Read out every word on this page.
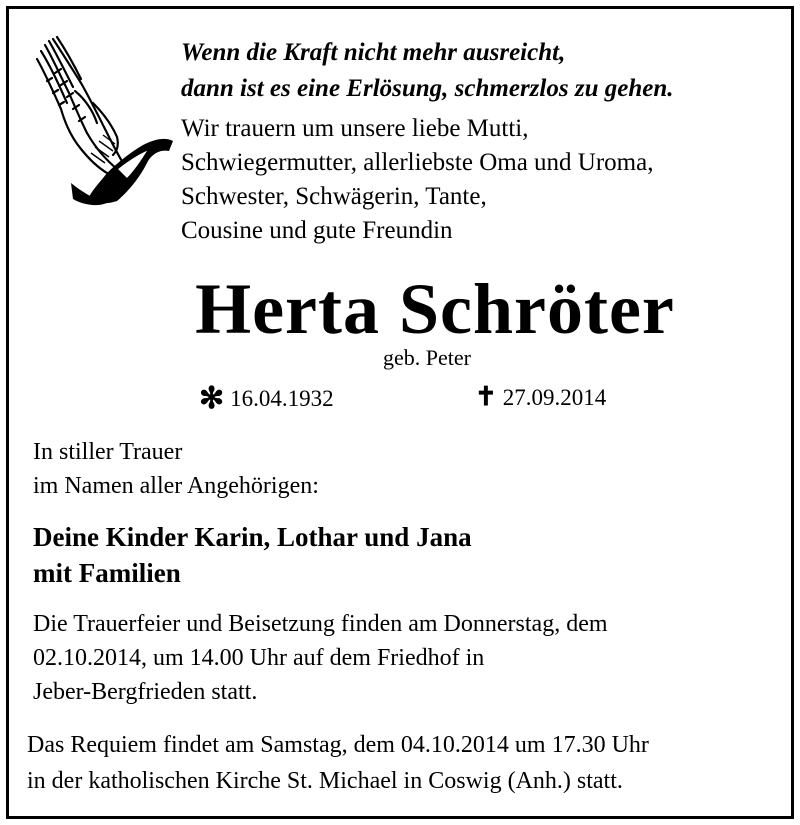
Wenn die Kraft nicht mehr ausreicht,
dann ist es eine Erlösung, schmerzlos zu gehen.
Wir trauern um unsere liebe Mutti,
Schwiegermutter, allerliebste Oma und Uroma,
Schwester, Schwägerin, Tante,
Cousine und gute Freundin
Herta Schröter
geb. Peter
✻ 16.04.1932	✝ 27.09.2014
In stiller Trauer
im Namen aller Angehörigen:
Deine Kinder Karin, Lothar und Jana
mit Familien
Die Trauerfeier und Beisetzung finden am Donnerstag, dem
02.10.2014, um 14.00 Uhr auf dem Friedhof in
Jeber-Bergfrieden statt.
Das Requiem findet am Samstag, dem 04.10.2014 um 17.30 Uhr
in der katholischen Kirche St. Michael in Coswig (Anh.) statt.
